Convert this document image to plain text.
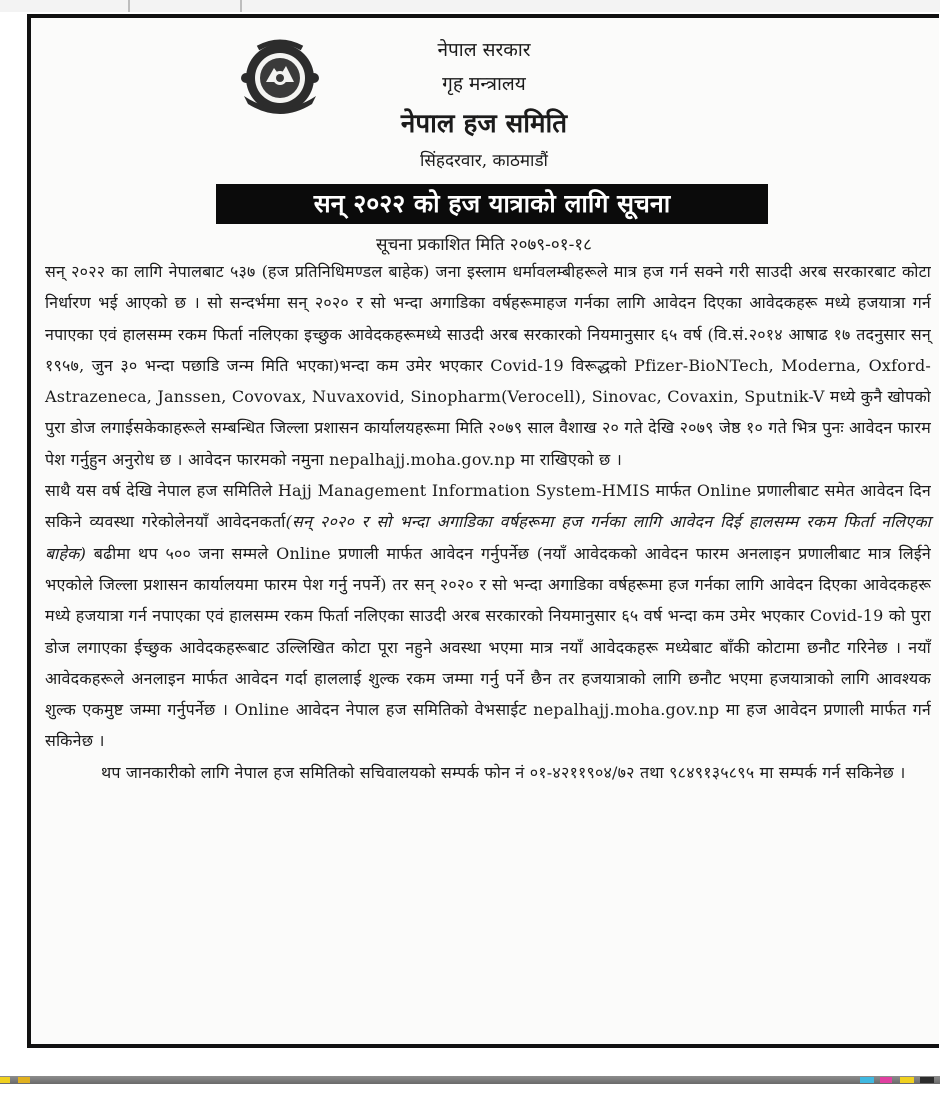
नेपाल सरकार
गृह मन्त्रालय
नेपाल हज समिति
सिंहदरवार, काठमाडौं
सन् २०२२ को हज यात्राको लागि सूचना
सूचना प्रकाशित मिति २०७९-०१-१८

सन् २०२२ का लागि नेपालबाट ५३७ (हज प्रतिनिधिमण्डल बाहेक) जना इस्लाम धर्मावलम्बीहरूले मात्र हज गर्न सक्ने गरी साउदी अरब सरकारबाट कोटा निर्धारण भई आएको छ । सो सन्दर्भमा सन् २०२० र सो भन्दा अगाडिका वर्षहरूमाहज गर्नका लागि आवेदन दिएका आवेदकहरू मध्ये हजयात्रा गर्न नपाएका एवं हालसम्म रकम फिर्ता नलिएका इच्छुक आवेदकहरूमध्ये साउदी अरब सरकारको नियमानुसार ६५ वर्ष (वि.सं.२०१४ आषाढ १७ तदनुसार सन् १९५७, जुन ३० भन्दा पछाडि जन्म मिति भएका)भन्दा कम उमेर भएकार Covid-19 विरूद्धको Pfizer-BioNTech, Moderna, Oxford-Astrazeneca, Janssen, Covovax, Nuvaxovid, Sinopharm(Verocell), Sinovac, Covaxin, Sputnik-V मध्ये कुनै खोपको पुरा डोज लगाईसकेकाहरूले सम्बन्धित जिल्ला प्रशासन कार्यालयहरूमा मिति २०७९ साल वैशाख २० गते देखि २०७९ जेष्ठ १० गते भित्र पुनः आवेदन फारम पेश गर्नुहुन अनुरोध छ । आवेदन फारमको नमुना nepalhajj.moha.gov.np मा राखिएको छ ।

साथै यस वर्ष देखि नेपाल हज समितिले Hajj Management Information System-HMIS मार्फत Online प्रणालीबाट समेत आवेदन दिन सकिने व्यवस्था गरेकोलेनयाँ आवेदनकर्ता(सन् २०२० र सो भन्दा अगाडिका वर्षहरूमा हज गर्नका लागि आवेदन दिई हालसम्म रकम फिर्ता नलिएका बाहेक) बढीमा थप ५०० जना सम्मले Online प्रणाली मार्फत आवेदन गर्नुपर्नेछ (नयाँ आवेदकको आवेदन फारम अनलाइन प्रणालीबाट मात्र लिईने भएकोले जिल्ला प्रशासन कार्यालयमा फारम पेश गर्नु नपर्ने) तर सन् २०२० र सो भन्दा अगाडिका वर्षहरूमा हज गर्नका लागि आवेदन दिएका आवेदकहरू मध्ये हजयात्रा गर्न नपाएका एवं हालसम्म रकम फिर्ता नलिएका साउदी अरब सरकारको नियमानुसार ६५ वर्ष भन्दा कम उमेर भएकार Covid-19 को पुरा डोज लगाएका ईच्छुक आवेदकहरूबाट उल्लिखित कोटा पूरा नहुने अवस्था भएमा मात्र नयाँ आवेदकहरू मध्येबाट बाँकी कोटामा छनौट गरिनेछ । नयाँ आवेदकहरूले अनलाइन मार्फत आवेदन गर्दा हाललाई शुल्क रकम जम्मा गर्नु पर्ने छैन तर हजयात्राको लागि छनौट भएमा हजयात्राको लागि आवश्यक शुल्क एकमुष्ट जम्मा गर्नुपर्नेछ । Online आवेदन नेपाल हज समितिको वेभसाईट nepalhajj.moha.gov.np मा हज आवेदन प्रणाली मार्फत गर्न सकिनेछ ।

थप जानकारीको लागि नेपाल हज समितिको सचिवालयको सम्पर्क फोन नं ०१-४२११९०४/७२ तथा ९८४९१३५८९५ मा सम्पर्क गर्न सकिनेछ ।
